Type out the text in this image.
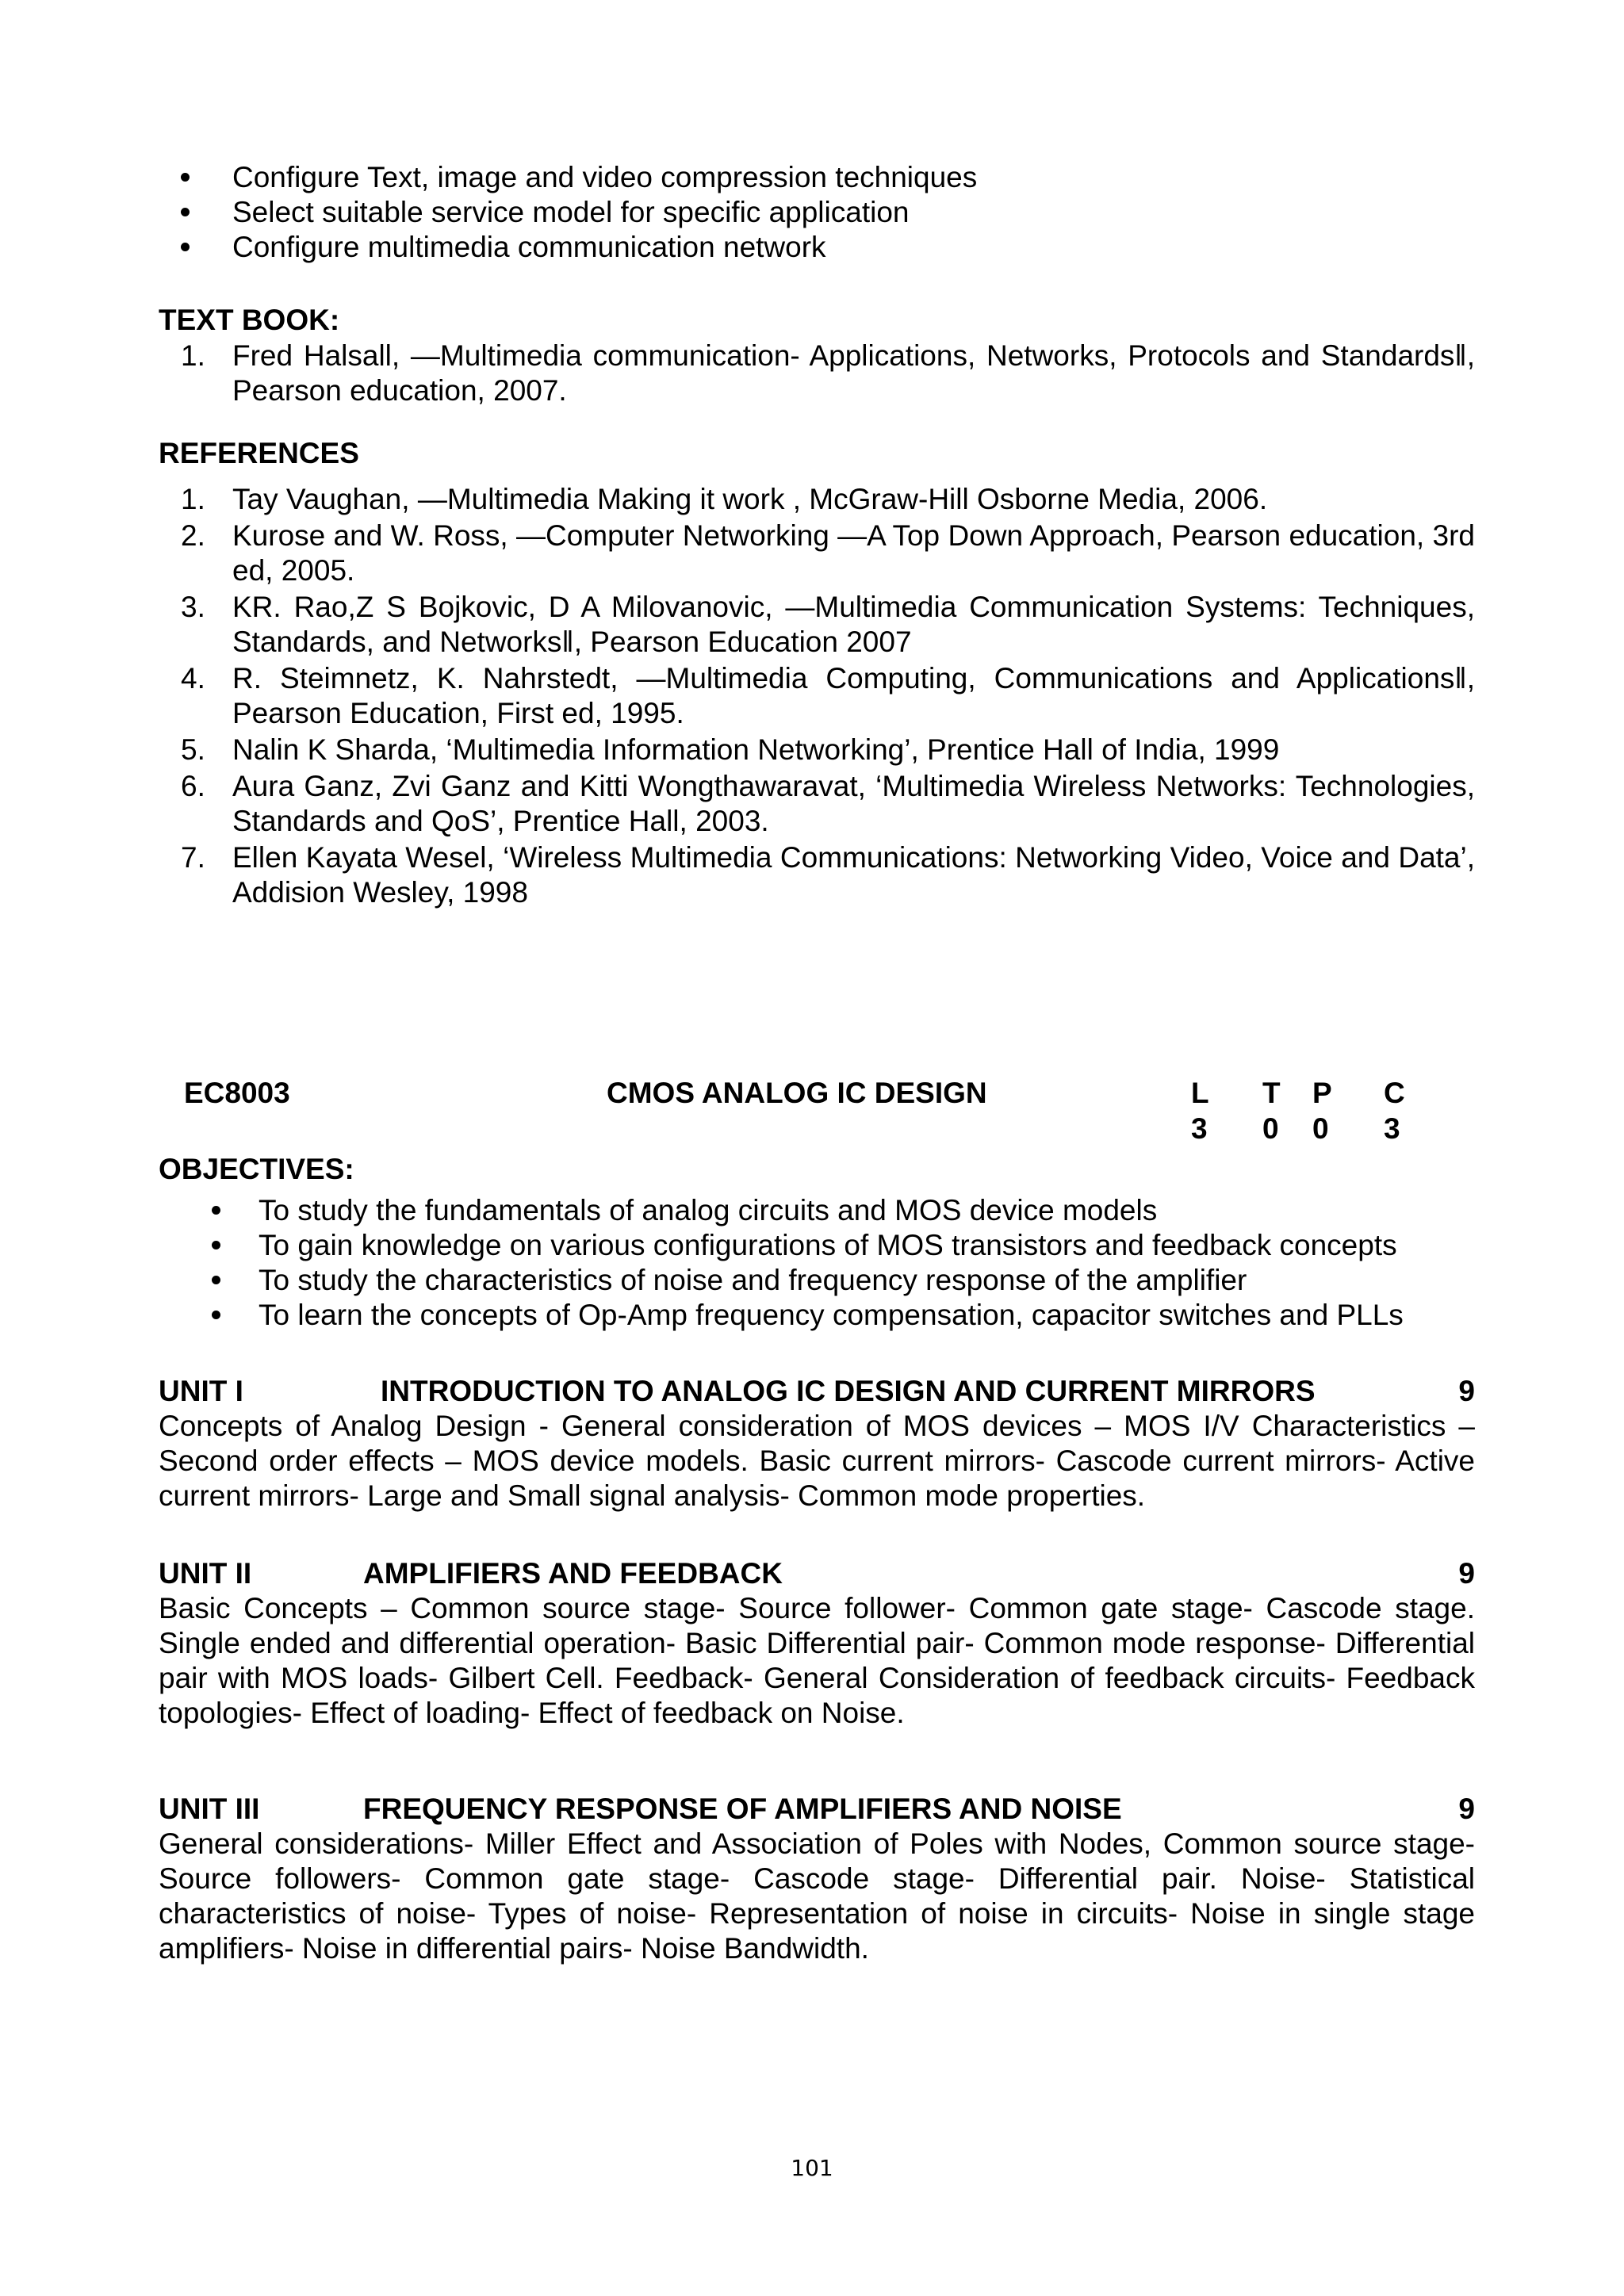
Configure Text, image and video compression techniques
Select suitable service model for specific application
Configure multimedia communication network
TEXT BOOK:
1. Fred Halsall, —Multimedia communication- Applications, Networks, Protocols and Standards‖, Pearson education, 2007.
REFERENCES
1. Tay Vaughan, —Multimedia Making it work , McGraw-Hill Osborne Media, 2006.
2. Kurose and W. Ross, —Computer Networking —A Top Down Approach, Pearson education, 3rd ed, 2005.
3. KR. Rao,Z S Bojkovic, D A Milovanovic, —Multimedia Communication Systems: Techniques, Standards, and Networks‖, Pearson Education 2007
4. R. Steimnetz, K. Nahrstedt, —Multimedia Computing, Communications and Applications‖, Pearson Education, First ed, 1995.
5. Nalin K Sharda, ‘Multimedia Information Networking’, Prentice Hall of India, 1999
6. Aura Ganz, Zvi Ganz and Kitti Wongthawaravat, ‘Multimedia Wireless Networks: Technologies, Standards and QoS’, Prentice Hall, 2003.
7. Ellen Kayata Wesel, ‘Wireless Multimedia Communications: Networking Video, Voice and Data’, Addision Wesley, 1998
EC8003	CMOS ANALOG IC DESIGN	L T P C
3 0 0 3
OBJECTIVES:
To study the fundamentals of analog circuits and MOS device models
To gain knowledge on various configurations of MOS transistors and feedback concepts
To study the characteristics of noise and frequency response of the amplifier
To learn the concepts of Op-Amp frequency compensation, capacitor switches and PLLs
UNIT I	INTRODUCTION TO ANALOG IC DESIGN AND CURRENT MIRRORS	9
Concepts of Analog Design - General consideration of MOS devices – MOS I/V Characteristics – Second order effects – MOS device models. Basic current mirrors- Cascode current mirrors- Active current mirrors- Large and Small signal analysis- Common mode properties.
UNIT II	AMPLIFIERS AND FEEDBACK	9
Basic Concepts – Common source stage- Source follower- Common gate stage- Cascode stage. Single ended and differential operation- Basic Differential pair- Common mode response- Differential pair with MOS loads- Gilbert Cell. Feedback- General Consideration of feedback circuits- Feedback topologies- Effect of loading- Effect of feedback on Noise.
UNIT III	FREQUENCY RESPONSE OF AMPLIFIERS AND NOISE	9
General considerations- Miller Effect and Association of Poles with Nodes, Common source stage- Source followers- Common gate stage- Cascode stage- Differential pair. Noise- Statistical characteristics of noise- Types of noise- Representation of noise in circuits- Noise in single stage amplifiers- Noise in differential pairs- Noise Bandwidth.
101
